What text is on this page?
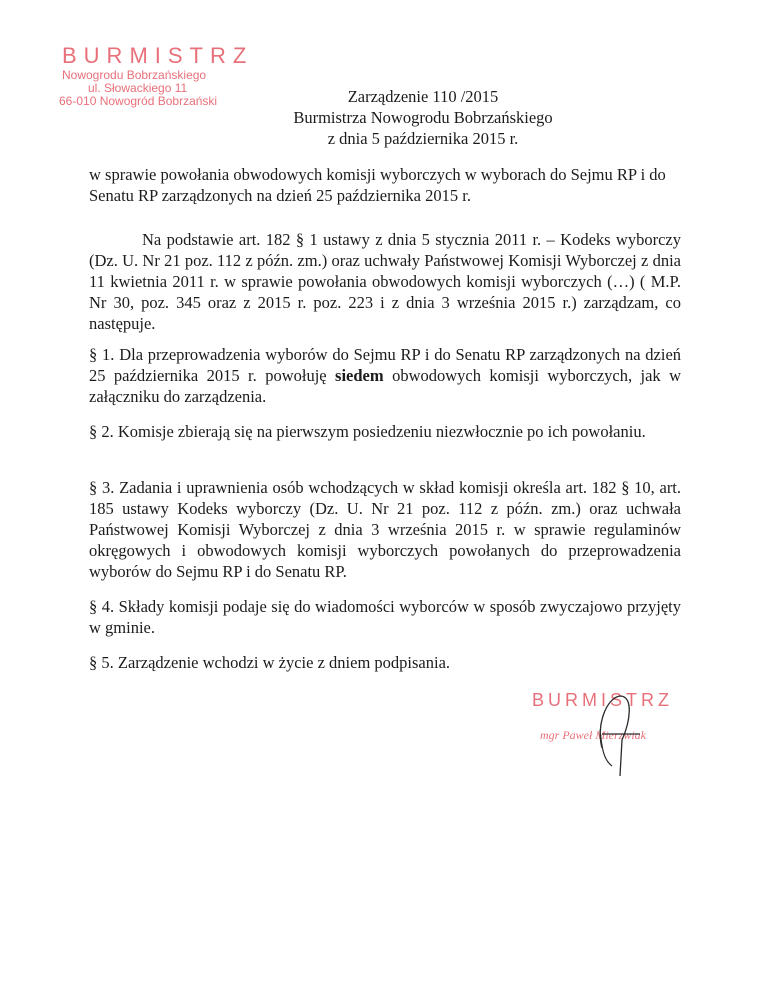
BURMISTRZ
Nowogrodu Bobrzańskiego
ul. Słowackiego 11
66-010 Nowogród Bobrzański	Zarządzenie 110 /2015
Burmistrza Nowogrodu Bobrzańskiego
z dnia 5 października 2015 r.
w sprawie powołania obwodowych komisji wyborczych w wyborach do Sejmu RP i do Senatu RP zarządzonych na dzień 25 października 2015 r.

Na podstawie art. 182 § 1 ustawy z dnia 5 stycznia 2011 r. – Kodeks wyborczy (Dz. U. Nr 21 poz. 112 z późn. zm.) oraz uchwały Państwowej Komisji Wyborczej z dnia 11 kwietnia 2011 r. w sprawie powołania obwodowych komisji wyborczych (…) ( M.P. Nr 30, poz. 345 oraz z 2015 r. poz. 223 i z dnia 3 września 2015 r.) zarządzam, co następuje.

§ 1. Dla przeprowadzenia wyborów do Sejmu RP i do Senatu RP zarządzonych na dzień 25 października 2015 r. powołuję siedem obwodowych komisji wyborczych, jak w załączniku do zarządzenia.

§ 2. Komisje zbierają się na pierwszym posiedzeniu niezwłocznie po ich powołaniu.

§ 3. Zadania i uprawnienia osób wchodzących w skład komisji określa art. 182 § 10, art. 185 ustawy Kodeks wyborczy (Dz. U. Nr 21 poz. 112 z późn. zm.) oraz uchwała Państwowej Komisji Wyborczej z dnia 3 września 2015 r. w sprawie regulaminów okręgowych i obwodowych komisji wyborczych powołanych do przeprowadzenia wyborów do Sejmu RP i do Senatu RP.

§ 4. Składy komisji podaje się do wiadomości wyborców w sposób zwyczajowo przyjęty w gminie.

§ 5. Zarządzenie wchodzi w życie z dniem podpisania.

BURMISTRZ
mgr Paweł Mierzwiak
